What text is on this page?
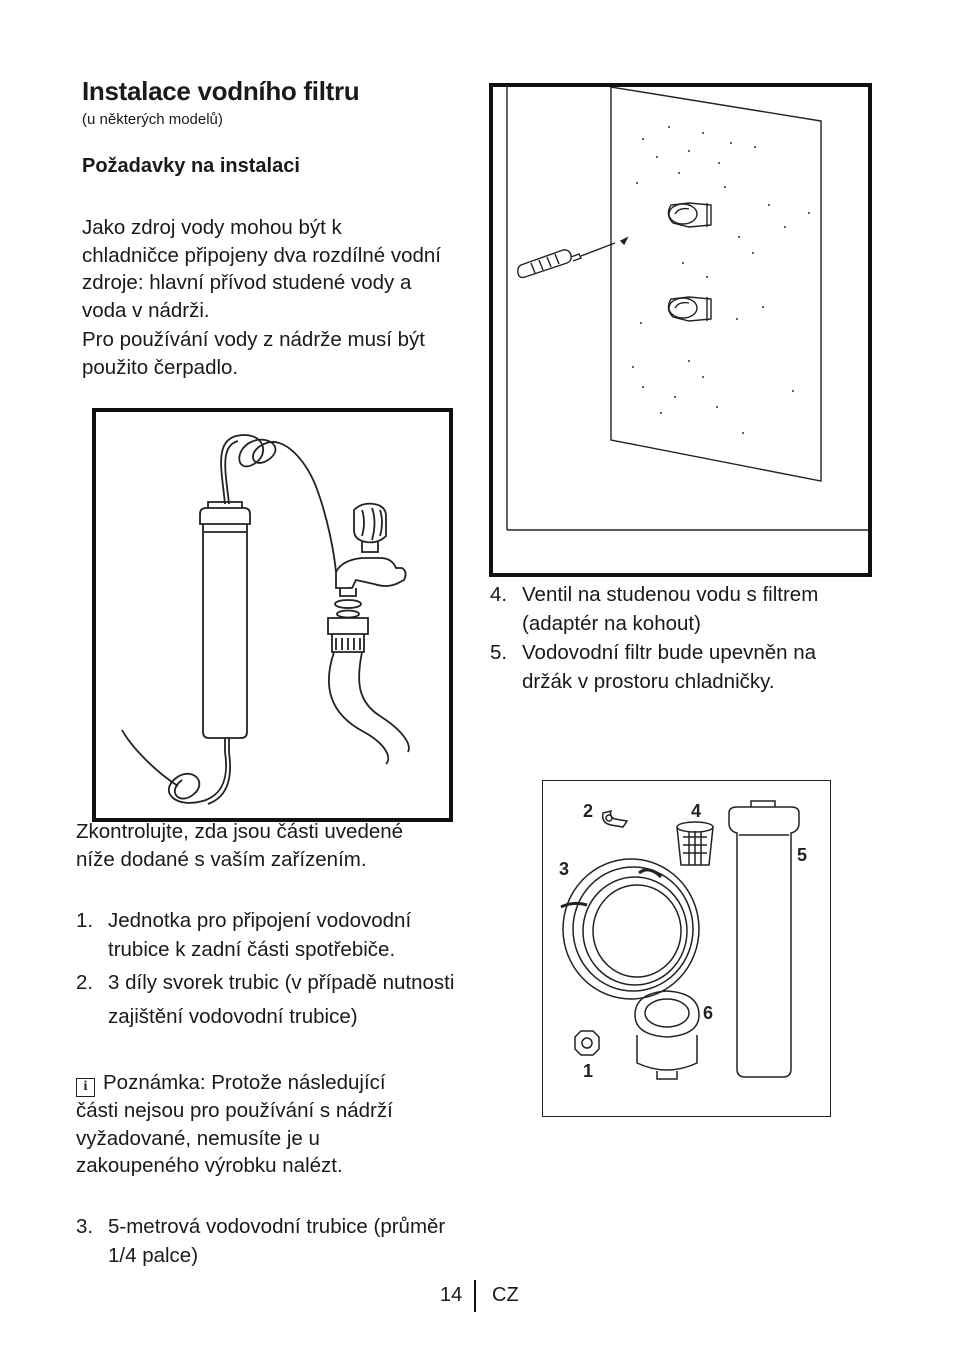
Instalace vodního filtru
(u některých modelů)
Požadavky na instalaci
Jako zdroj vody mohou být k chladničce připojeny dva rozdílné vodní zdroje: hlavní přívod studené vody a voda v nádrži.
Pro používání vody z nádrže musí být použito čerpadlo.
Zkontrolujte, zda jsou části uvedené níže dodané s vaším zařízením.
1. Jednotka pro připojení vodovodní trubice k zadní části spotřebiče.
2. 3 díly svorek trubic (v případě nutnosti zajištění vodovodní trubice)
i Poznámka: Protože následující části nejsou pro používání s nádrží vyžadované, nemusíte je u zakoupeného výrobku nalézt.
3. 5-metrová vodovodní trubice (průměr 1/4 palce)
4. Ventil na studenou vodu s filtrem (adaptér na kohout)
5. Vodovodní filtr bude upevněn na držák v prostoru chladničky.
2	4
3
5
6
1
14 CZ
